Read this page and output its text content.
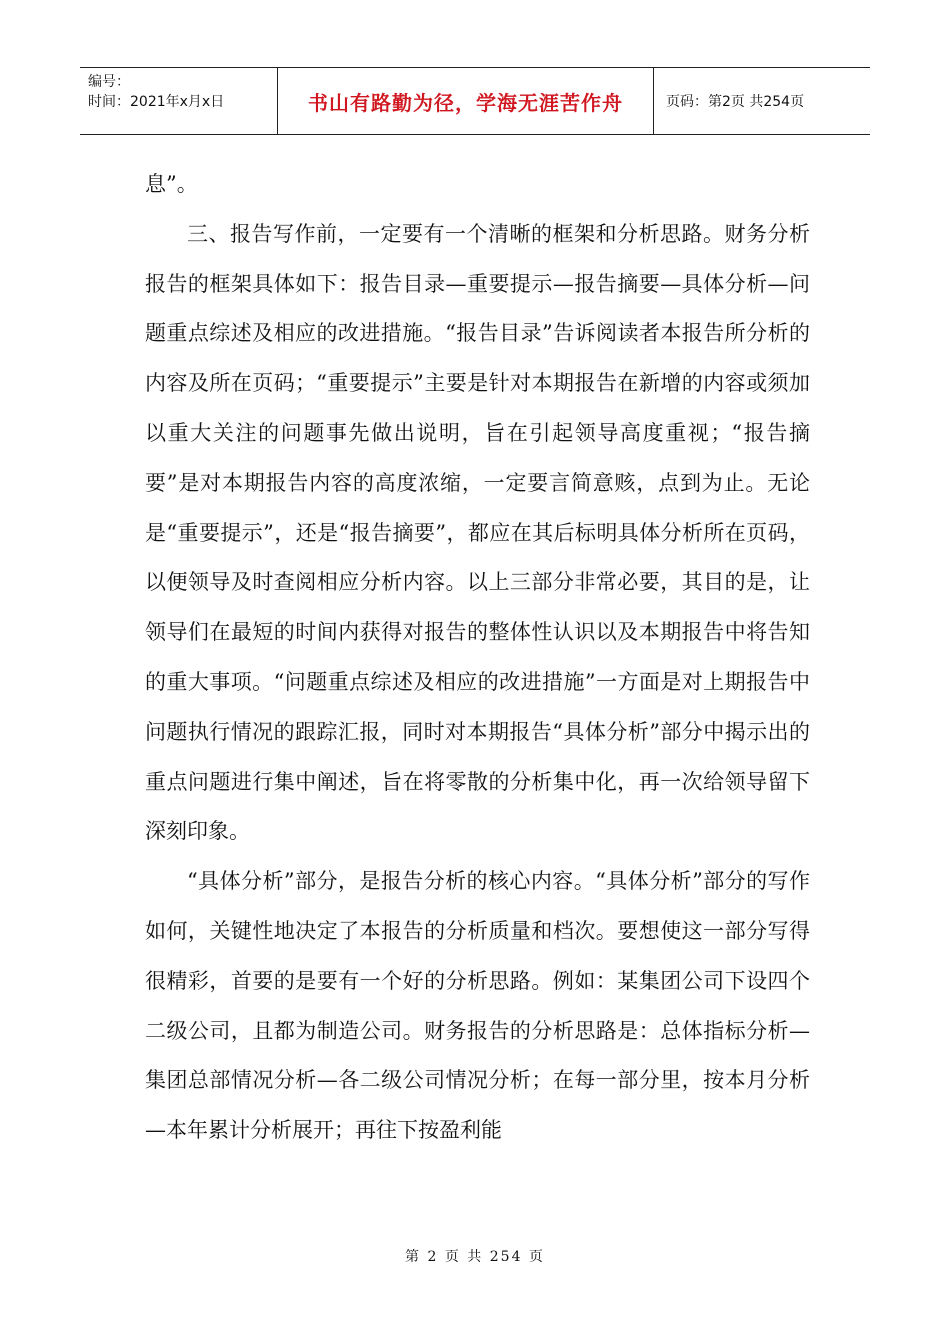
编号：
时间：2021年x月x日	书山有路勤为径，学海无涯苦作舟	页码：第2页 共254页

息”。

三、报告写作前，一定要有一个清晰的框架和分析思路。财务分析报告的框架具体如下：报告目录—重要提示—报告摘要—具体分析—问题重点综述及相应的改进措施。“报告目录”告诉阅读者本报告所分析的内容及所在页码；“重要提示”主要是针对本期报告在新增的内容或须加以重大关注的问题事先做出说明，旨在引起领导高度重视；“报告摘要”是对本期报告内容的高度浓缩，一定要言简意赅，点到为止。无论是“重要提示”，还是“报告摘要”，都应在其后标明具体分析所在页码，以便领导及时查阅相应分析内容。以上三部分非常必要，其目的是，让领导们在最短的时间内获得对报告的整体性认识以及本期报告中将告知的重大事项。“问题重点综述及相应的改进措施”一方面是对上期报告中问题执行情况的跟踪汇报，同时对本期报告“具体分析”部分中揭示出的重点问题进行集中阐述，旨在将零散的分析集中化，再一次给领导留下深刻印象。

“具体分析”部分，是报告分析的核心内容。“具体分析”部分的写作如何，关键性地决定了本报告的分析质量和档次。要想使这一部分写得很精彩，首要的是要有一个好的分析思路。例如：某集团公司下设四个二级公司，且都为制造公司。财务报告的分析思路是：总体指标分析—集团总部情况分析—各二级公司情况分析；在每一部分里，按本月分析—本年累计分析展开；再往下按盈利能

第 2 页 共 254 页
